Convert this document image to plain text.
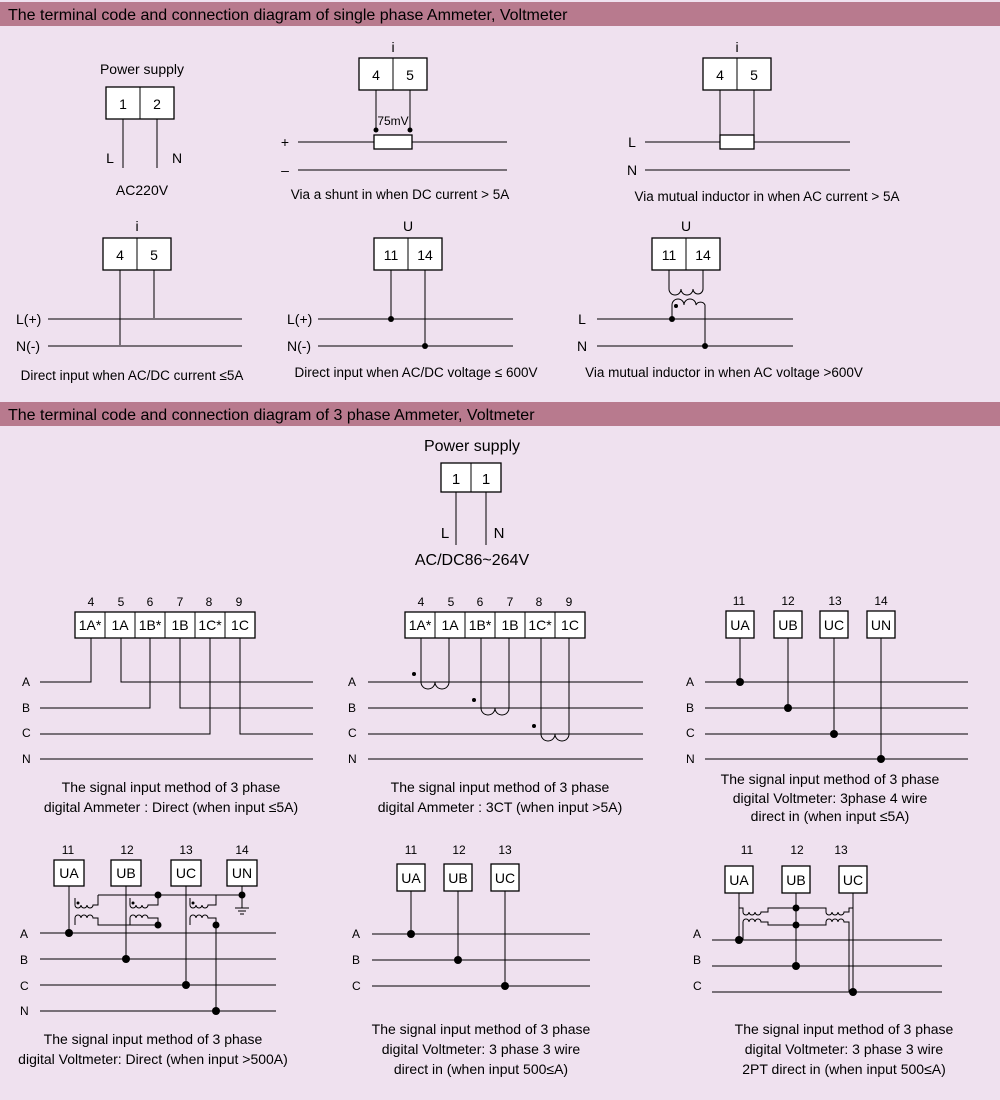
The terminal code and connection diagram of single phase Ammeter, Voltmeter
The terminal code and connection diagram of 3 phase Ammeter, Voltmeter
Power supply
1 2
L	N
AC220V
i
4 5
75mV
+
–
Via a shunt in when DC current > 5A
i
4 5
L
N
Via mutual inductor in when AC current > 5A
i
4 5
L(+)
N(-)
Direct input when AC/DC current ≤5A
U
11 14
L(+)
N(-)
Direct input when AC/DC voltage ≤ 600V
U
11 14
L
N
Via mutual inductor in when AC voltage >600V
Power supply
1 1
L	N
AC/DC86~264V
4 5 6 7 8 9
1A* 1A 1B* 1B 1C* 1C
A
B
C
N
The signal input method of 3 phase
digital Ammeter : Direct (when input ≤5A)
4 5 6 7 8 9
1A* 1A 1B* 1B 1C* 1C
A
B
C
N
The signal input method of 3 phase
digital Ammeter : 3CT (when input >5A)
11	12	13	14
UA UB UC UN
A
B
C
N
The signal input method of 3 phase
digital Voltmeter: 3phase 4 wire
direct in (when input ≤5A)
11	12	13	14
UA	UB	UC	UN
A
B
C
N
The signal input method of 3 phase
digital Voltmeter: Direct (when input >500A)
11	12	13
UA UB UC
A
B
C
The signal input method of 3 phase
digital Voltmeter: 3 phase 3 wire
direct in (when input 500≤A)
11	12	13
UA	UB	UC
A
B
C
The signal input method of 3 phase
digital Voltmeter: 3 phase 3 wire
2PT direct in (when input 500≤A)
